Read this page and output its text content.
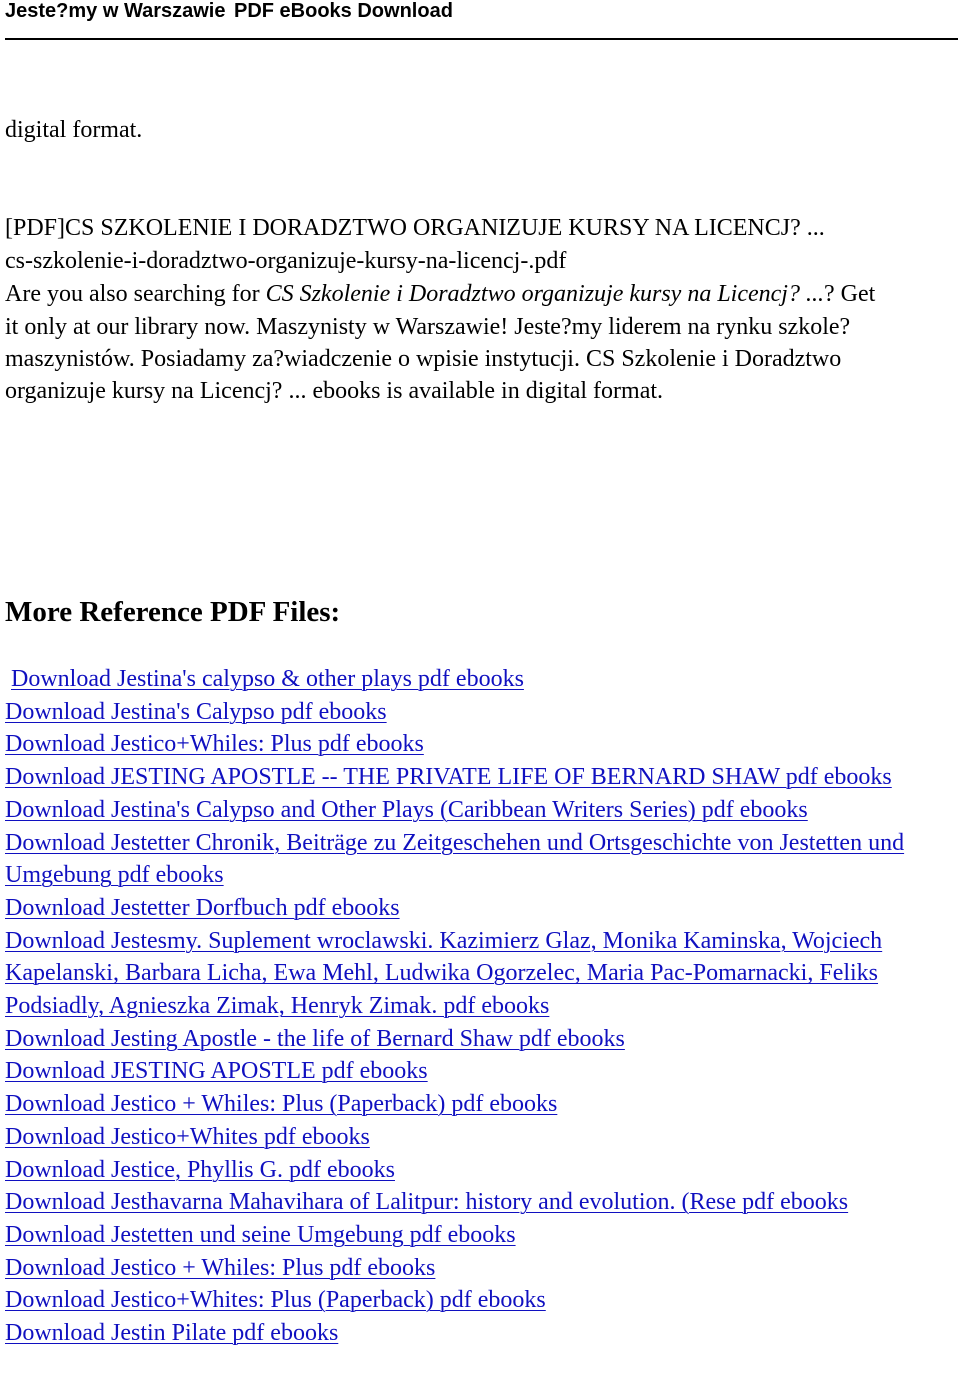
Jeste?my w Warszawie PDF eBooks Download
digital format.
[PDF]CS SZKOLENIE I DORADZTWO ORGANIZUJE KURSY NA LICENCJ? ...
cs-szkolenie-i-doradztwo-organizuje-kursy-na-licencj-.pdf
Are you also searching for CS Szkolenie i Doradztwo organizuje kursy na Licencj? ...? Get
it only at our library now. Maszynisty w Warszawie! Jeste?my liderem na rynku szkole?
maszynistów. Posiadamy za?wiadczenie o wpisie instytucji. CS Szkolenie i Doradztwo
organizuje kursy na Licencj? ... ebooks is available in digital format.
More Reference PDF Files:
Download Jestina's calypso & other plays pdf ebooks
Download Jestina's Calypso pdf ebooks
Download Jestico+Whiles: Plus pdf ebooks
Download JESTING APOSTLE -- THE PRIVATE LIFE OF BERNARD SHAW pdf ebooks
Download Jestina's Calypso and Other Plays (Caribbean Writers Series) pdf ebooks
Download Jestetter Chronik, Beiträge zu Zeitgeschehen und Ortsgeschichte von Jestetten und Umgebung pdf ebooks
Download Jestetter Dorfbuch pdf ebooks
Download Jestesmy. Suplement wroclawski. Kazimierz Glaz, Monika Kaminska, Wojciech Kapelanski, Barbara Licha, Ewa Mehl, Ludwika Ogorzelec, Maria Pac-Pomarnacki, Feliks Podsiadly, Agnieszka Zimak, Henryk Zimak. pdf ebooks
Download Jesting Apostle - the life of Bernard Shaw pdf ebooks
Download JESTING APOSTLE pdf ebooks
Download Jestico + Whiles: Plus (Paperback) pdf ebooks
Download Jestico+Whites pdf ebooks
Download Jestice, Phyllis G. pdf ebooks
Download Jesthavarna Mahavihara of Lalitpur: history and evolution. (Rese pdf ebooks
Download Jestetten und seine Umgebung pdf ebooks
Download Jestico + Whiles: Plus pdf ebooks
Download Jestico+Whites: Plus (Paperback) pdf ebooks
Download Jestin Pilate pdf ebooks
